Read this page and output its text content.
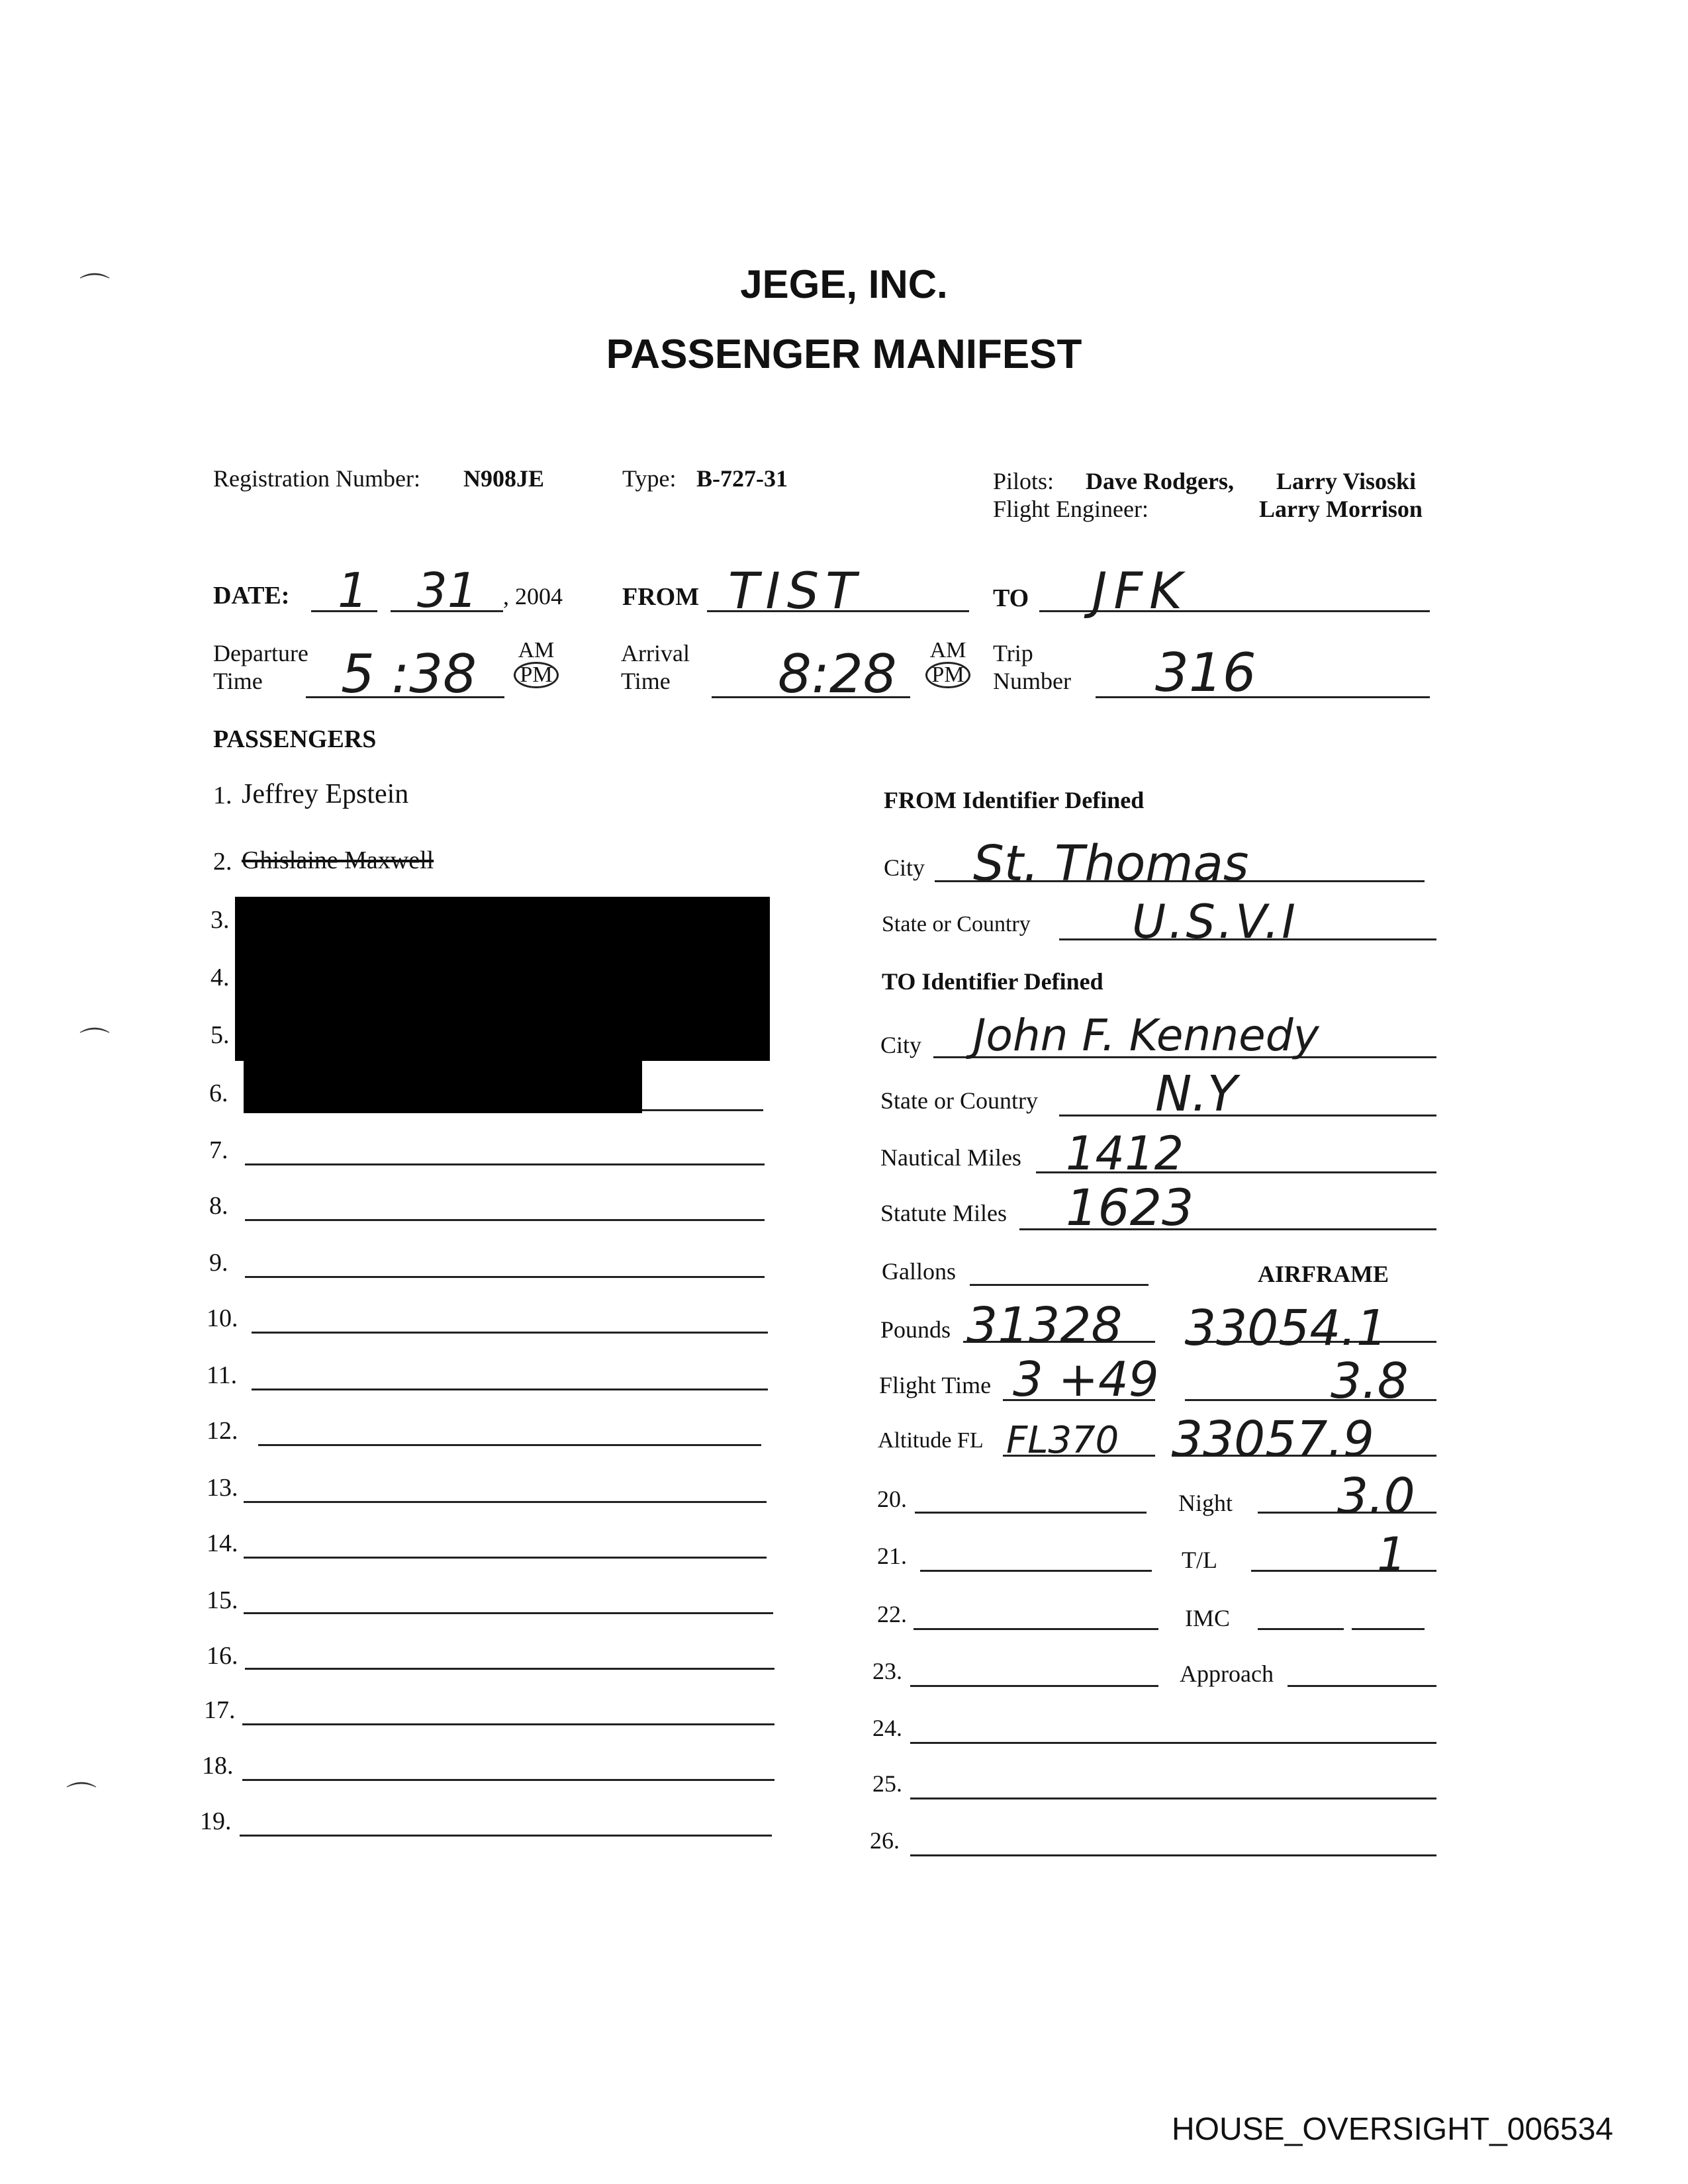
⌒
⌒
⌒
JEGE, INC.
PASSENGER MANIFEST
Registration Number: N908JE	Type: B-727-31	Pilots: Dave Rodgers, Larry Visoski
Flight Engineer:	Larry Morrison
DATE: 1 31 , 2004 FROM TIST	TO JFK
Departure
Time	5 :38	AM
PM
Arrival
Time	8:28	AM
PM
Trip
Number 316
PASSENGERS
1. Jeffrey Epstein
2. Ghislaine Maxwell
3.
4.
5.
6.
7.
8.
9.
10.
11.
12.
13.
14.
15.
16.
17.
18.
19.
FROM Identifier Defined
City St. Thomas
State or Country U.S.V.I
TO Identifier Defined
City John F. Kennedy
State or Country N.Y
Nautical Miles 1412
Statute Miles 1623
Gallons	AIRFRAME
Pounds 31328 33054.1
Flight Time 3 +49	3.8
Altitude FL FL370 33057.9
20.	Night 3.0
21.	T/L	1
22.	IMC
23.	Approach
24.
25.
26.
HOUSE_OVERSIGHT_006534
